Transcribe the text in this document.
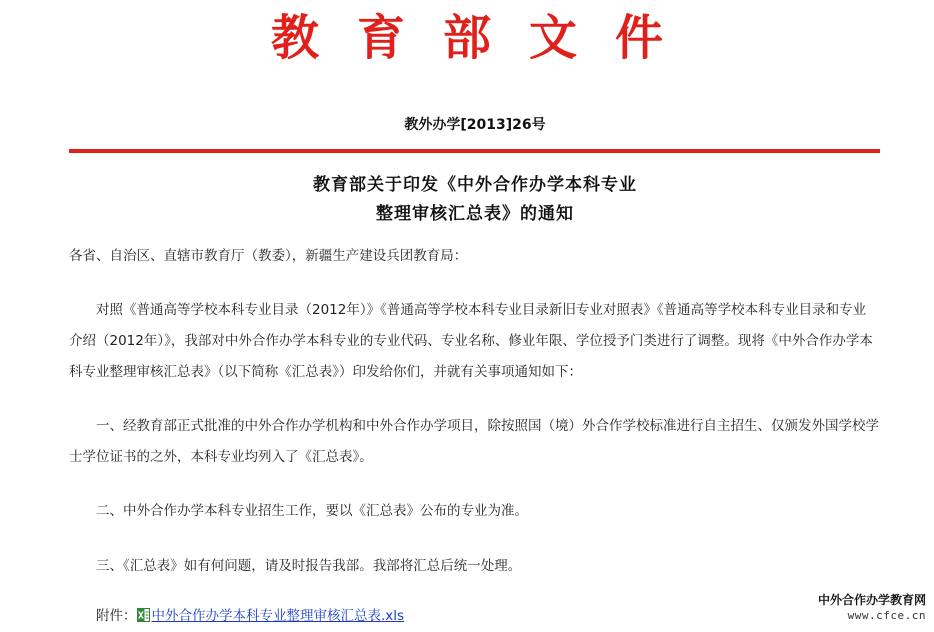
教育部文件
教外办学[2013]26号
教育部关于印发《中外合作办学本科专业
整理审核汇总表》的通知
各省、自治区、直辖市教育厅（教委），新疆生产建设兵团教育局：
对照《普通高等学校本科专业目录（2012年）》《普通高等学校本科专业目录新旧专业对照表》《普通高等学校本科专业目录和专业介绍（2012年）》，我部对中外合作办学本科专业的专业代码、专业名称、修业年限、学位授予门类进行了调整。现将《中外合作办学本科专业整理审核汇总表》（以下简称《汇总表》）印发给你们，并就有关事项通知如下：
一、经教育部正式批准的中外合作办学机构和中外合作办学项目，除按照国（境）外合作学校标准进行自主招生、仅颁发外国学校学士学位证书的之外，本科专业均列入了《汇总表》。
二、中外合作办学本科专业招生工作，要以《汇总表》公布的专业为准。
三、《汇总表》如有何问题，请及时报告我部。我部将汇总后统一处理。
附件： 中外合作办学本科专业整理审核汇总表.xls
中外合作办学教育网
www.cfce.cn
